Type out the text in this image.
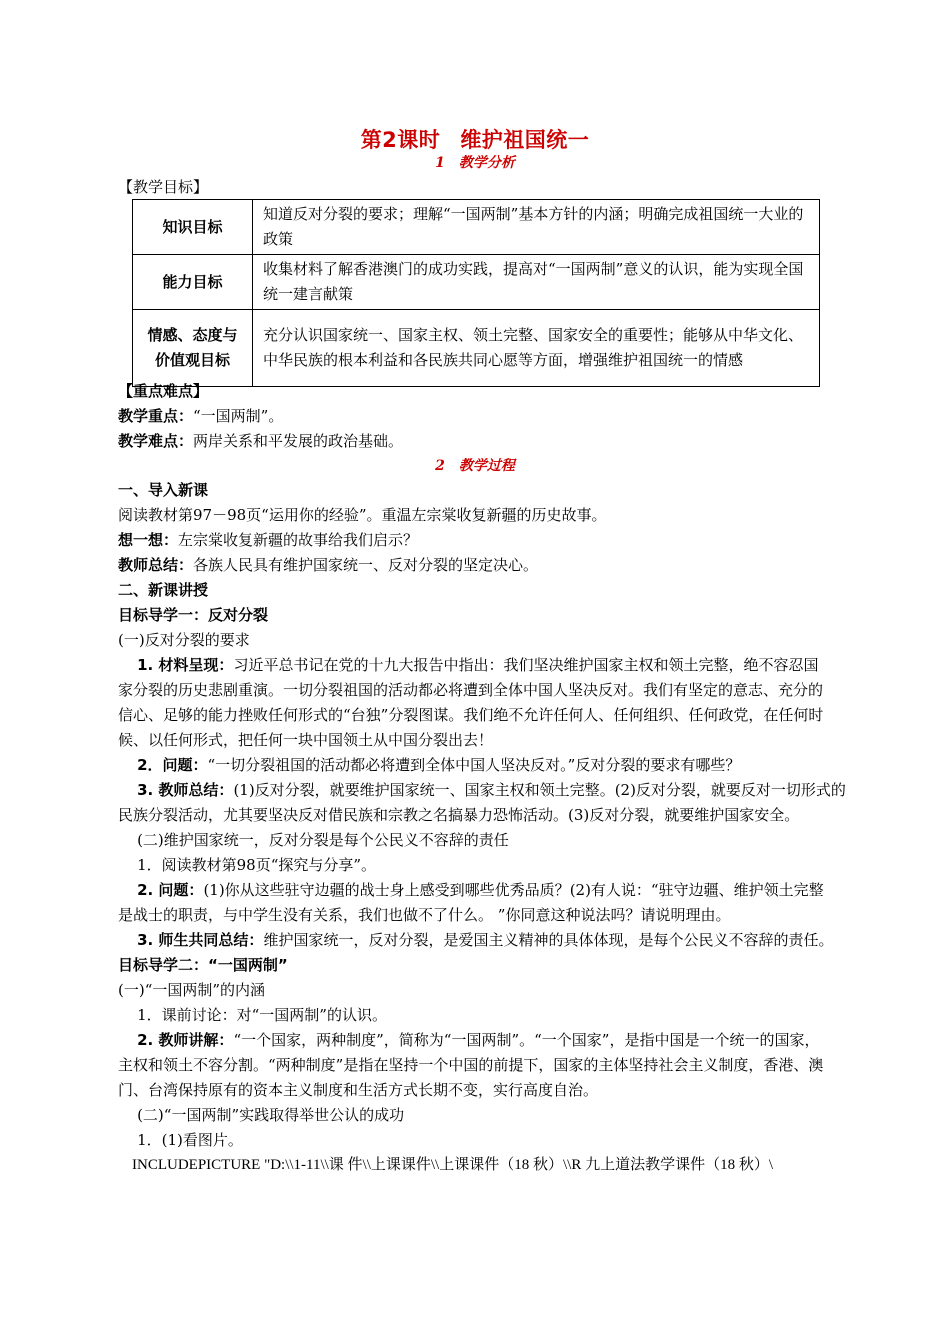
第2课时 维护祖国统一
1 教学分析
【教学目标】
知识目标	知道反对分裂的要求；理解“一国两制”基本方针的内涵；明确完成祖国统一大业的政策
能力目标	收集材料了解香港澳门的成功实践，提高对“一国两制”意义的认识，能为实现全国统一建言献策
情感、态度与
价值观目标	充分认识国家统一、国家主权、领土完整、国家安全的重要性；能够从中华文化、中华民族的根本利益和各民族共同心愿等方面，增强维护祖国统一的情感
【重点难点】
教学重点：“一国两制”。
教学难点：两岸关系和平发展的政治基础。
2 教学过程
一、导入新课
阅读教材第97－98页“运用你的经验”。重温左宗棠收复新疆的历史故事。
想一想：左宗棠收复新疆的故事给我们启示？
教师总结：各族人民具有维护国家统一、反对分裂的坚定决心。
二、新课讲授
目标导学一：反对分裂
(一)反对分裂的要求
1. 材料呈现：习近平总书记在党的十九大报告中指出：我们坚决维护国家主权和领土完整，绝不容忍国
家分裂的历史悲剧重演。一切分裂祖国的活动都必将遭到全体中国人坚决反对。我们有坚定的意志、充分的
信心、足够的能力挫败任何形式的“台独”分裂图谋。我们绝不允许任何人、任何组织、任何政党，在任何时
候、以任何形式，把任何一块中国领土从中国分裂出去！
2．问题：“一切分裂祖国的活动都必将遭到全体中国人坚决反对。”反对分裂的要求有哪些？
3. 教师总结：(1)反对分裂，就要维护国家统一、国家主权和领土完整。(2)反对分裂，就要反对一切形式的
民族分裂活动，尤其要坚决反对借民族和宗教之名搞暴力恐怖活动。(3)反对分裂，就要维护国家安全。
(二)维护国家统一，反对分裂是每个公民义不容辞的责任
1．阅读教材第98页“探究与分享”。
2. 问题：(1)你从这些驻守边疆的战士身上感受到哪些优秀品质？(2)有人说：“驻守边疆、维护领土完整
是战士的职责，与中学生没有关系，我们也做不了什么。 ”你同意这种说法吗？请说明理由。
3. 师生共同总结：维护国家统一，反对分裂，是爱国主义精神的具体体现，是每个公民义不容辞的责任。
目标导学二：“一国两制”
(一)“一国两制”的内涵
1．课前讨论：对“一国两制”的认识。
2. 教师讲解：“一个国家，两种制度”，简称为“一国两制”。“一个国家”，是指中国是一个统一的国家，
主权和领土不容分割。“两种制度”是指在坚持一个中国的前提下，国家的主体坚持社会主义制度，香港、澳
门、台湾保持原有的资本主义制度和生活方式长期不变，实行高度自治。
(二)“一国两制”实践取得举世公认的成功
1．(1)看图片。
INCLUDEPICTURE "D:\\1-11\\课 件\\上课课件\\上课课件（18 秋）\\R 九上道法教学课件（18 秋）\
